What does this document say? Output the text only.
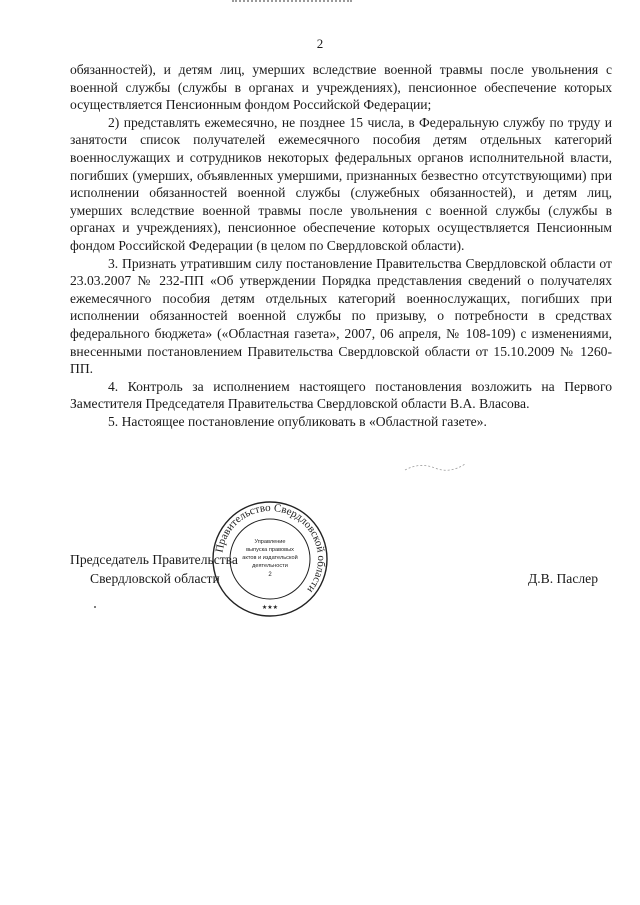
2

обязанностей), и детям лиц, умерших вследствие военной травмы после увольнения с военной службы (службы в органах и учреждениях), пенсионное обеспечение которых осуществляется Пенсионным фондом Российской Федерации;

2) представлять ежемесячно, не позднее 15 числа, в Федеральную службу по труду и занятости список получателей ежемесячного пособия детям отдельных категорий военнослужащих и сотрудников некоторых федеральных органов исполнительной власти, погибших (умерших, объявленных умершими, признанных безвестно отсутствующими) при исполнении обязанностей военной службы (служебных обязанностей), и детям лиц, умерших вследствие военной травмы после увольнения с военной службы (службы в органах и учреждениях), пенсионное обеспечение которых осуществляется Пенсионным фондом Российской Федерации (в целом по Свердловской области).

3. Признать утратившим силу постановление Правительства Свердловской области от 23.03.2007 № 232-ПП «Об утверждении Порядка представления сведений о получателях ежемесячного пособия детям отдельных категорий военнослужащих, погибших при исполнении обязанностей военной службы по призыву, о потребности в средствах федерального бюджета» («Областная газета», 2007, 06 апреля, № 108-109) с изменениями, внесенными постановлением Правительства Свердловской области от 15.10.2009 № 1260-ПП.

4. Контроль за исполнением настоящего постановления возложить на Первого Заместителя Председателя Правительства Свердловской области В.А. Власова.

5. Настоящее постановление опубликовать в «Областной газете».

Председатель Правительства
Свердловской области	Д.В. Паслер
Правительство Свердловской области
Управление
выпуска правовых
актов и издательской
деятельности
2
★★★
